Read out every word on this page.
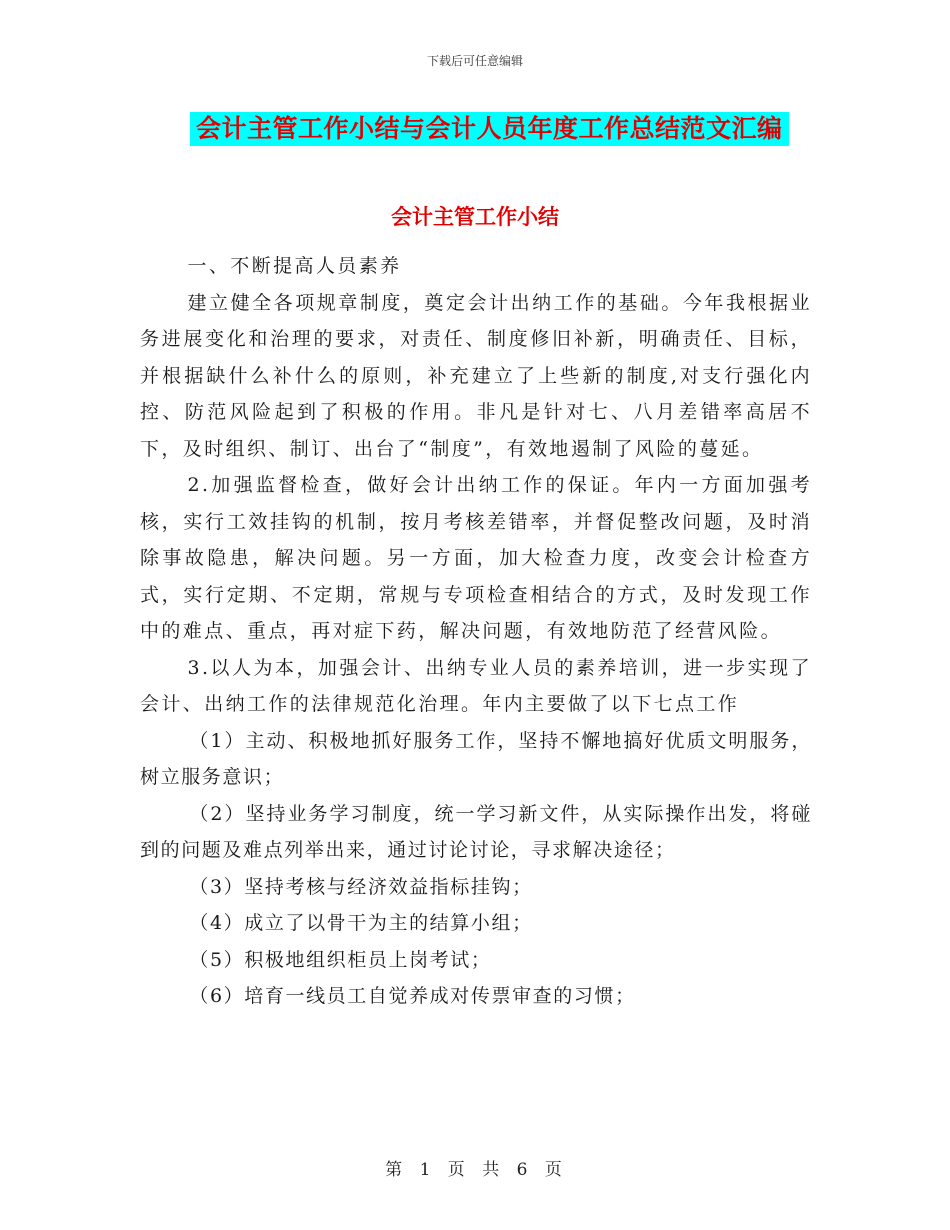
下载后可任意编辑
会计主管工作小结与会计人员年度工作总结范文汇编
会计主管工作小结

一、不断提高人员素养

建立健全各项规章制度，奠定会计出纳工作的基础。今年我根据业务进展变化和治理的要求，对责任、制度修旧补新，明确责任、目标，并根据缺什么补什么的原则，补充建立了上些新的制度,对支行强化内控、防范风险起到了积极的作用。非凡是针对七、八月差错率高居不下，及时组织、制订、出台了“制度”，有效地遏制了风险的蔓延。

2.加强监督检查，做好会计出纳工作的保证。年内一方面加强考核，实行工效挂钩的机制，按月考核差错率，并督促整改问题，及时消除事故隐患，解决问题。另一方面，加大检查力度，改变会计检查方式，实行定期、不定期，常规与专项检查相结合的方式，及时发现工作中的难点、重点，再对症下药，解决问题，有效地防范了经营风险。

3.以人为本，加强会计、出纳专业人员的素养培训，进一步实现了会计、出纳工作的法律规范化治理。年内主要做了以下七点工作

（1）主动、积极地抓好服务工作，坚持不懈地搞好优质文明服务，树立服务意识；

（2）坚持业务学习制度，统一学习新文件，从实际操作出发，将碰到的问题及难点列举出来，通过讨论讨论，寻求解决途径；

（3）坚持考核与经济效益指标挂钩；

（4）成立了以骨干为主的结算小组；

（5）积极地组织柜员上岗考试；

（6）培育一线员工自觉养成对传票审查的习惯；

第 1 页 共 6 页
